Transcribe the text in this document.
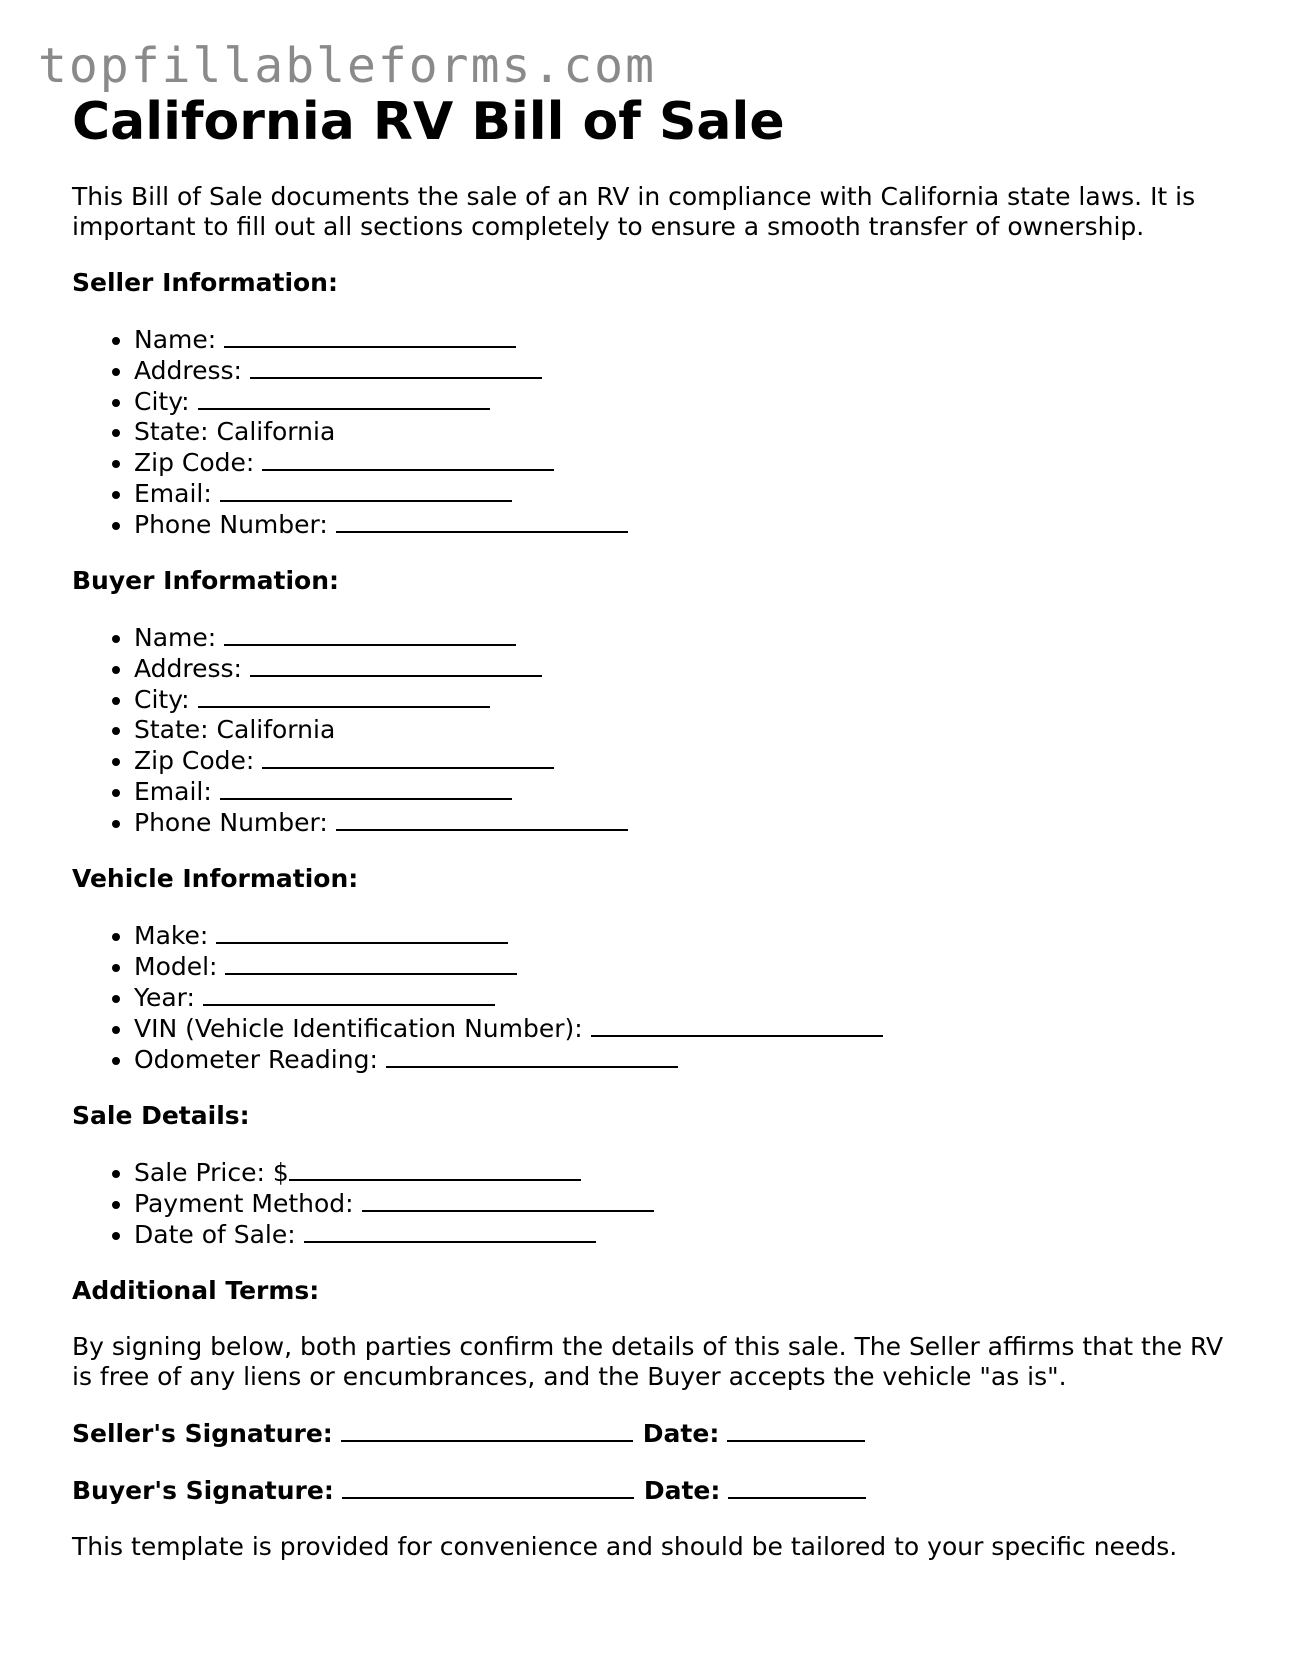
topfillableforms.com
California RV Bill of Sale

This Bill of Sale documents the sale of an RV in compliance with California state laws. It is important to fill out all sections completely to ensure a smooth transfer of ownership.

Seller Information:
• Name:
• Address:
• City:
• State: California
• Zip Code:
• Email:
• Phone Number:
Buyer Information:
• Name:
• Address:
• City:
• State: California
• Zip Code:
• Email:
• Phone Number:
Vehicle Information:
• Make:
• Model:
• Year:
• VIN (Vehicle Identification Number):
• Odometer Reading:
Sale Details:
• Sale Price: $
• Payment Method:
• Date of Sale:
Additional Terms:

By signing below, both parties confirm the details of this sale. The Seller affirms that the RV is free of any liens or encumbrances, and the Buyer accepts the vehicle "as is".

Seller's Signature:	Date:
Buyer's Signature:	Date:

This template is provided for convenience and should be tailored to your specific needs.
